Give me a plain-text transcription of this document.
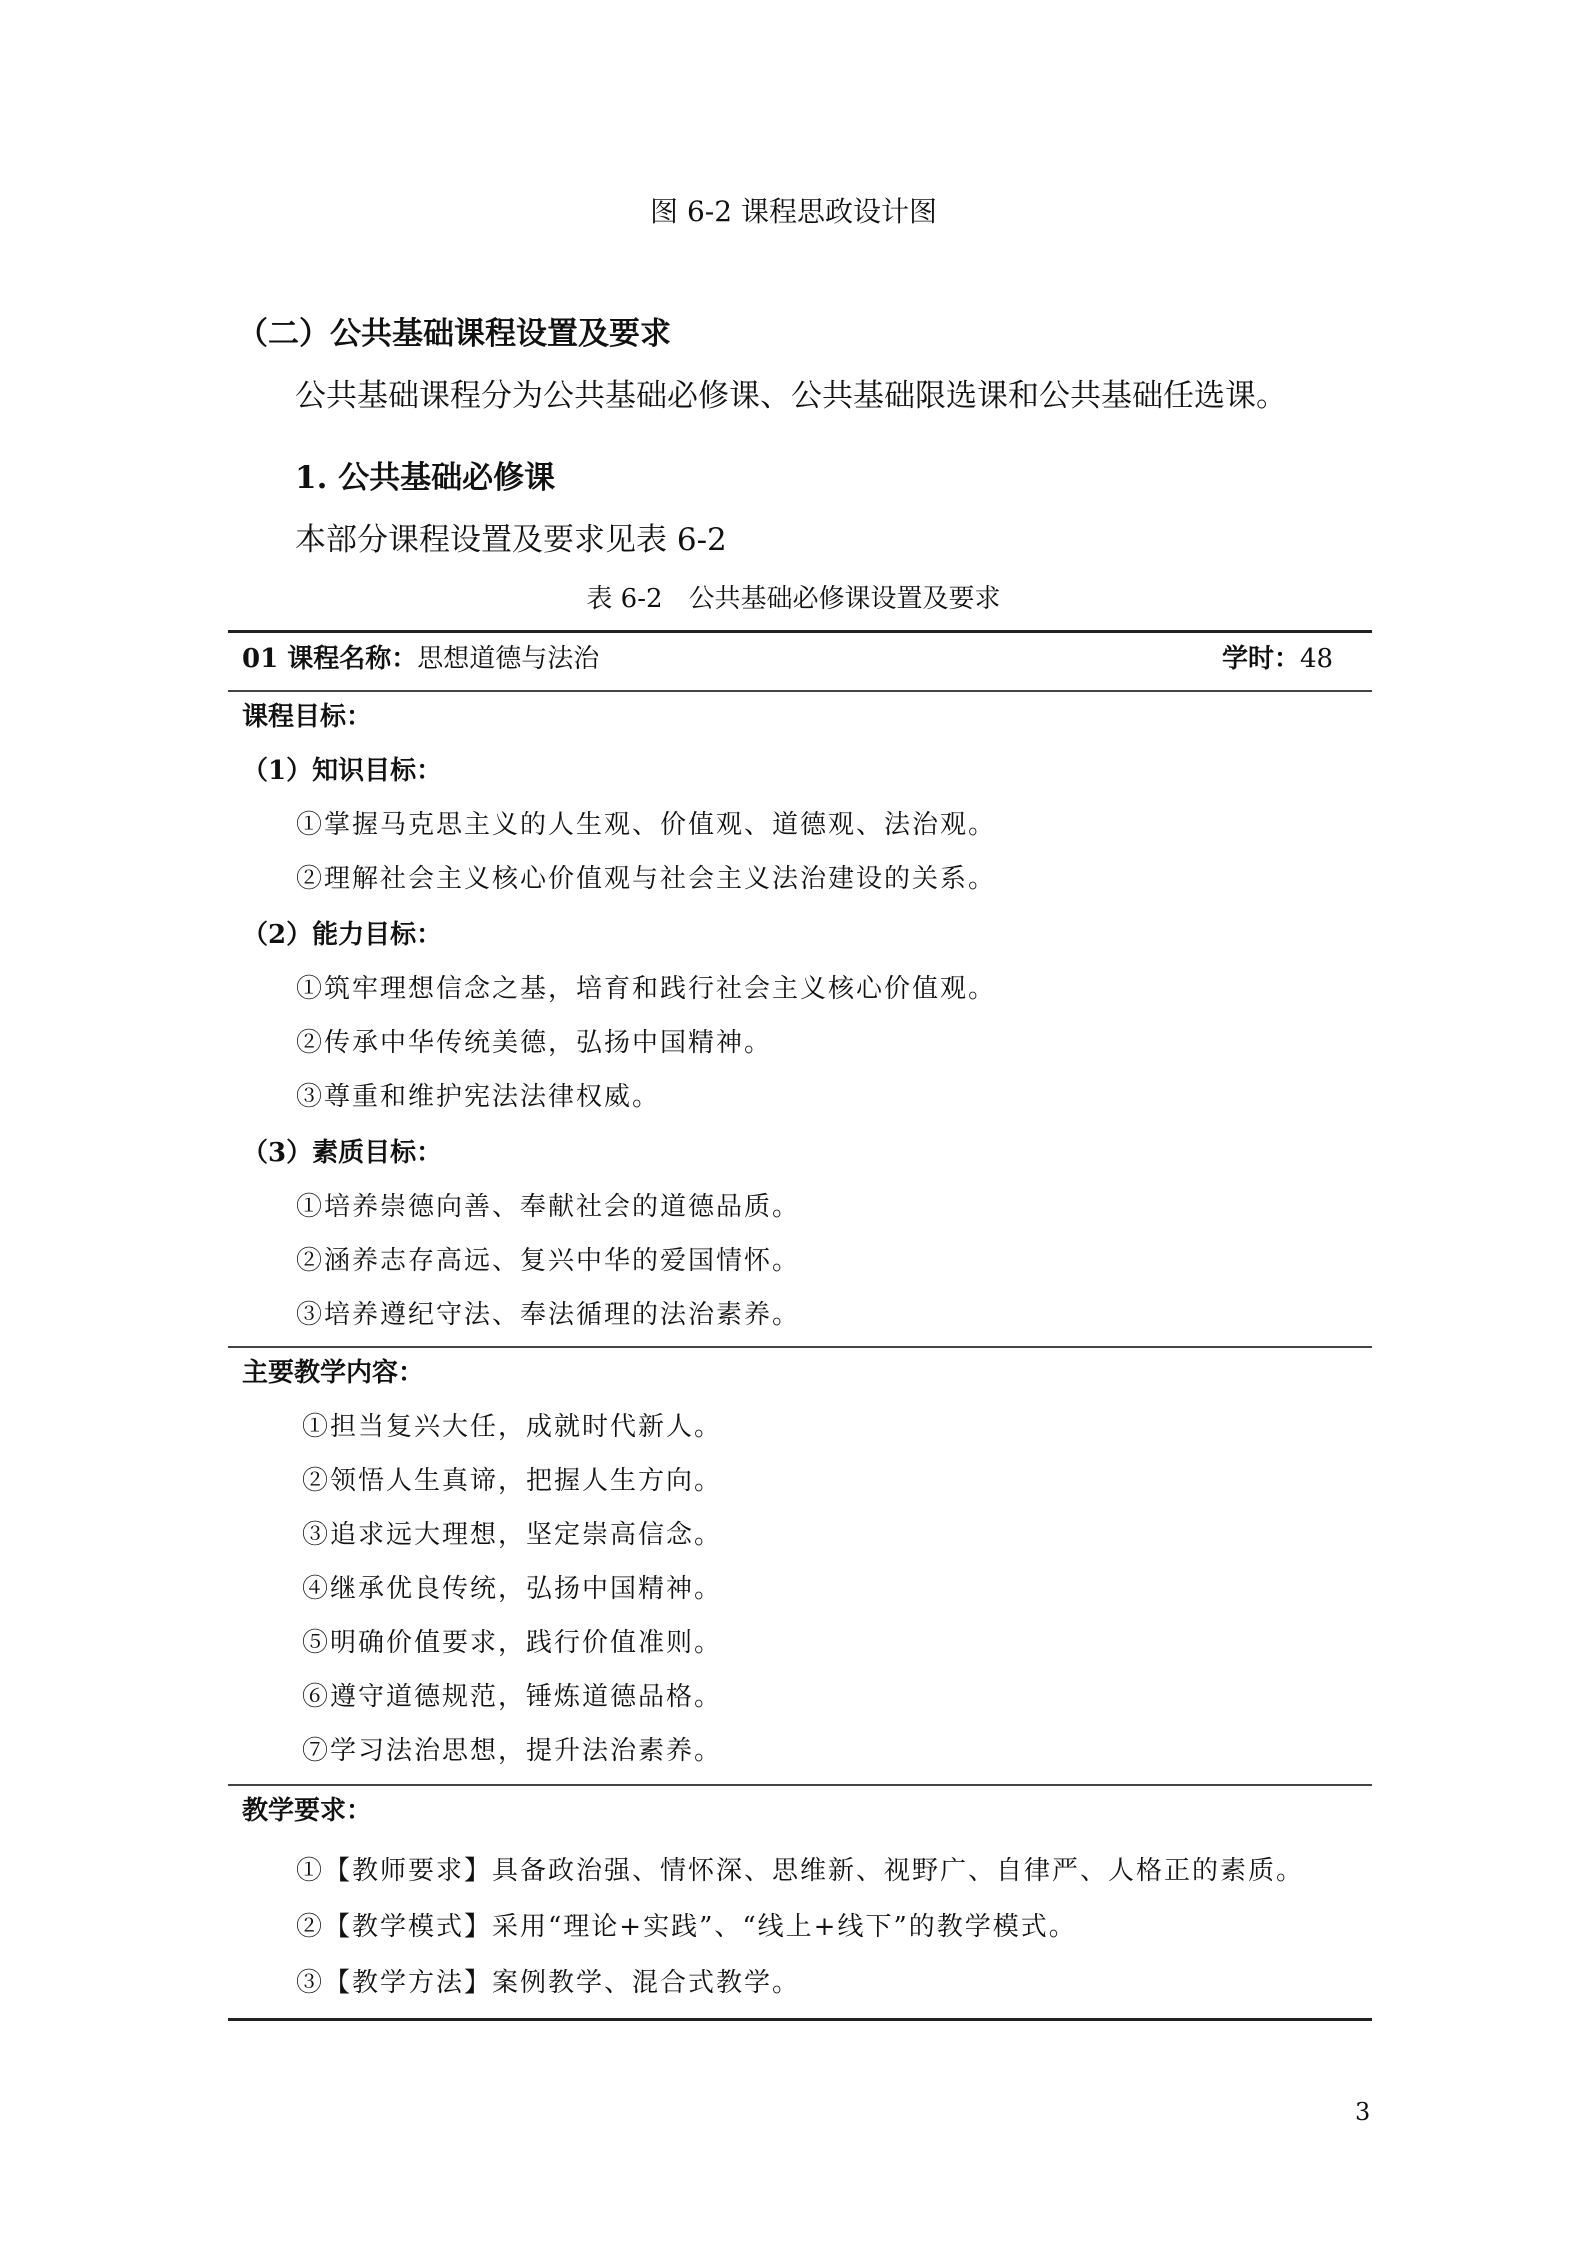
图 6-2 课程思政设计图
（二）公共基础课程设置及要求
公共基础课程分为公共基础必修课、公共基础限选课和公共基础任选课。
1. 公共基础必修课
本部分课程设置及要求见表 6-2
表 6-2　公共基础必修课设置及要求
01 课程名称：思想道德与法治	学时：48
课程目标：
（1）知识目标：
①掌握马克思主义的人生观、价值观、道德观、法治观。
②理解社会主义核心价值观与社会主义法治建设的关系。
（2）能力目标：
①筑牢理想信念之基，培育和践行社会主义核心价值观。
②传承中华传统美德，弘扬中国精神。
③尊重和维护宪法法律权威。
（3）素质目标：
①培养崇德向善、奉献社会的道德品质。
②涵养志存高远、复兴中华的爱国情怀。
③培养遵纪守法、奉法循理的法治素养。
主要教学内容：
①担当复兴大任，成就时代新人。
②领悟人生真谛，把握人生方向。
③追求远大理想，坚定崇高信念。
④继承优良传统，弘扬中国精神。
⑤明确价值要求，践行价值准则。
⑥遵守道德规范，锤炼道德品格。
⑦学习法治思想，提升法治素养。
教学要求：
①【教师要求】具备政治强、情怀深、思维新、视野广、自律严、人格正的素质。
②【教学模式】采用“理论+实践”、“线上+线下”的教学模式。
③【教学方法】案例教学、混合式教学。
3
